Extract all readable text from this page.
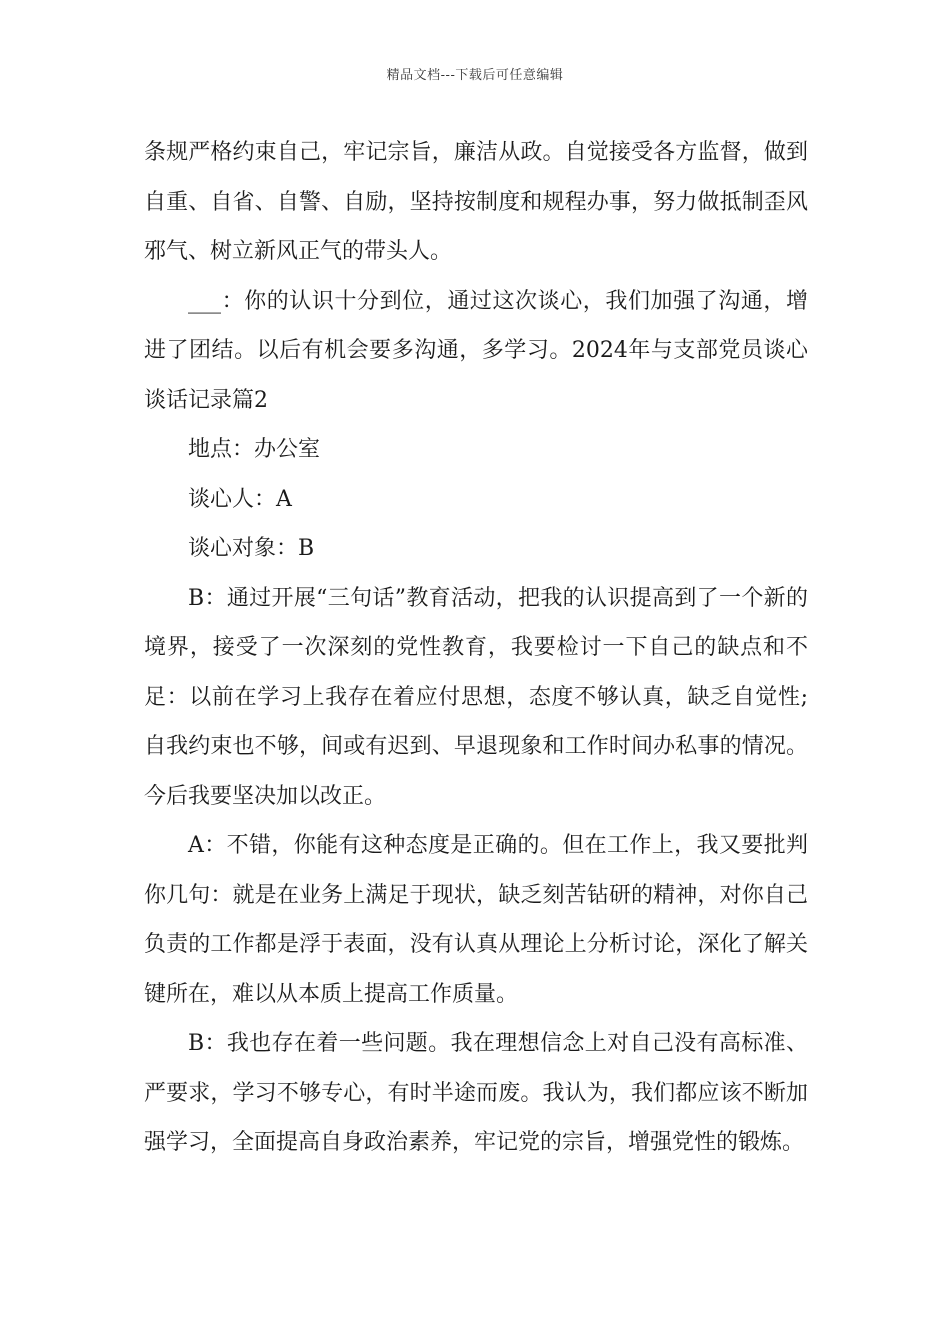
精品文档---下载后可任意编辑

条规严格约束自己，牢记宗旨，廉洁从政。自觉接受各方监督，做到自重、自省、自警、自励，坚持按制度和规程办事，努力做抵制歪风邪气、树立新风正气的带头人。

___：你的认识十分到位，通过这次谈心，我们加强了沟通，增进了团结。以后有机会要多沟通，多学习。2024年与支部党员谈心谈话记录篇2

地点：办公室

谈心人：A

谈心对象：B

B：通过开展“三句话”教育活动，把我的认识提高到了一个新的境界，接受了一次深刻的党性教育，我要检讨一下自己的缺点和不足：以前在学习上我存在着应付思想，态度不够认真，缺乏自觉性;自我约束也不够，间或有迟到、早退现象和工作时间办私事的情况。今后我要坚决加以改正。

A：不错，你能有这种态度是正确的。但在工作上，我又要批判你几句：就是在业务上满足于现状，缺乏刻苦钻研的精神，对你自己负责的工作都是浮于表面，没有认真从理论上分析讨论，深化了解关键所在，难以从本质上提高工作质量。

B：我也存在着一些问题。我在理想信念上对自己没有高标准、严要求，学习不够专心，有时半途而废。我认为，我们都应该不断加强学习，全面提高自身政治素养，牢记党的宗旨，增强党性的锻炼。
